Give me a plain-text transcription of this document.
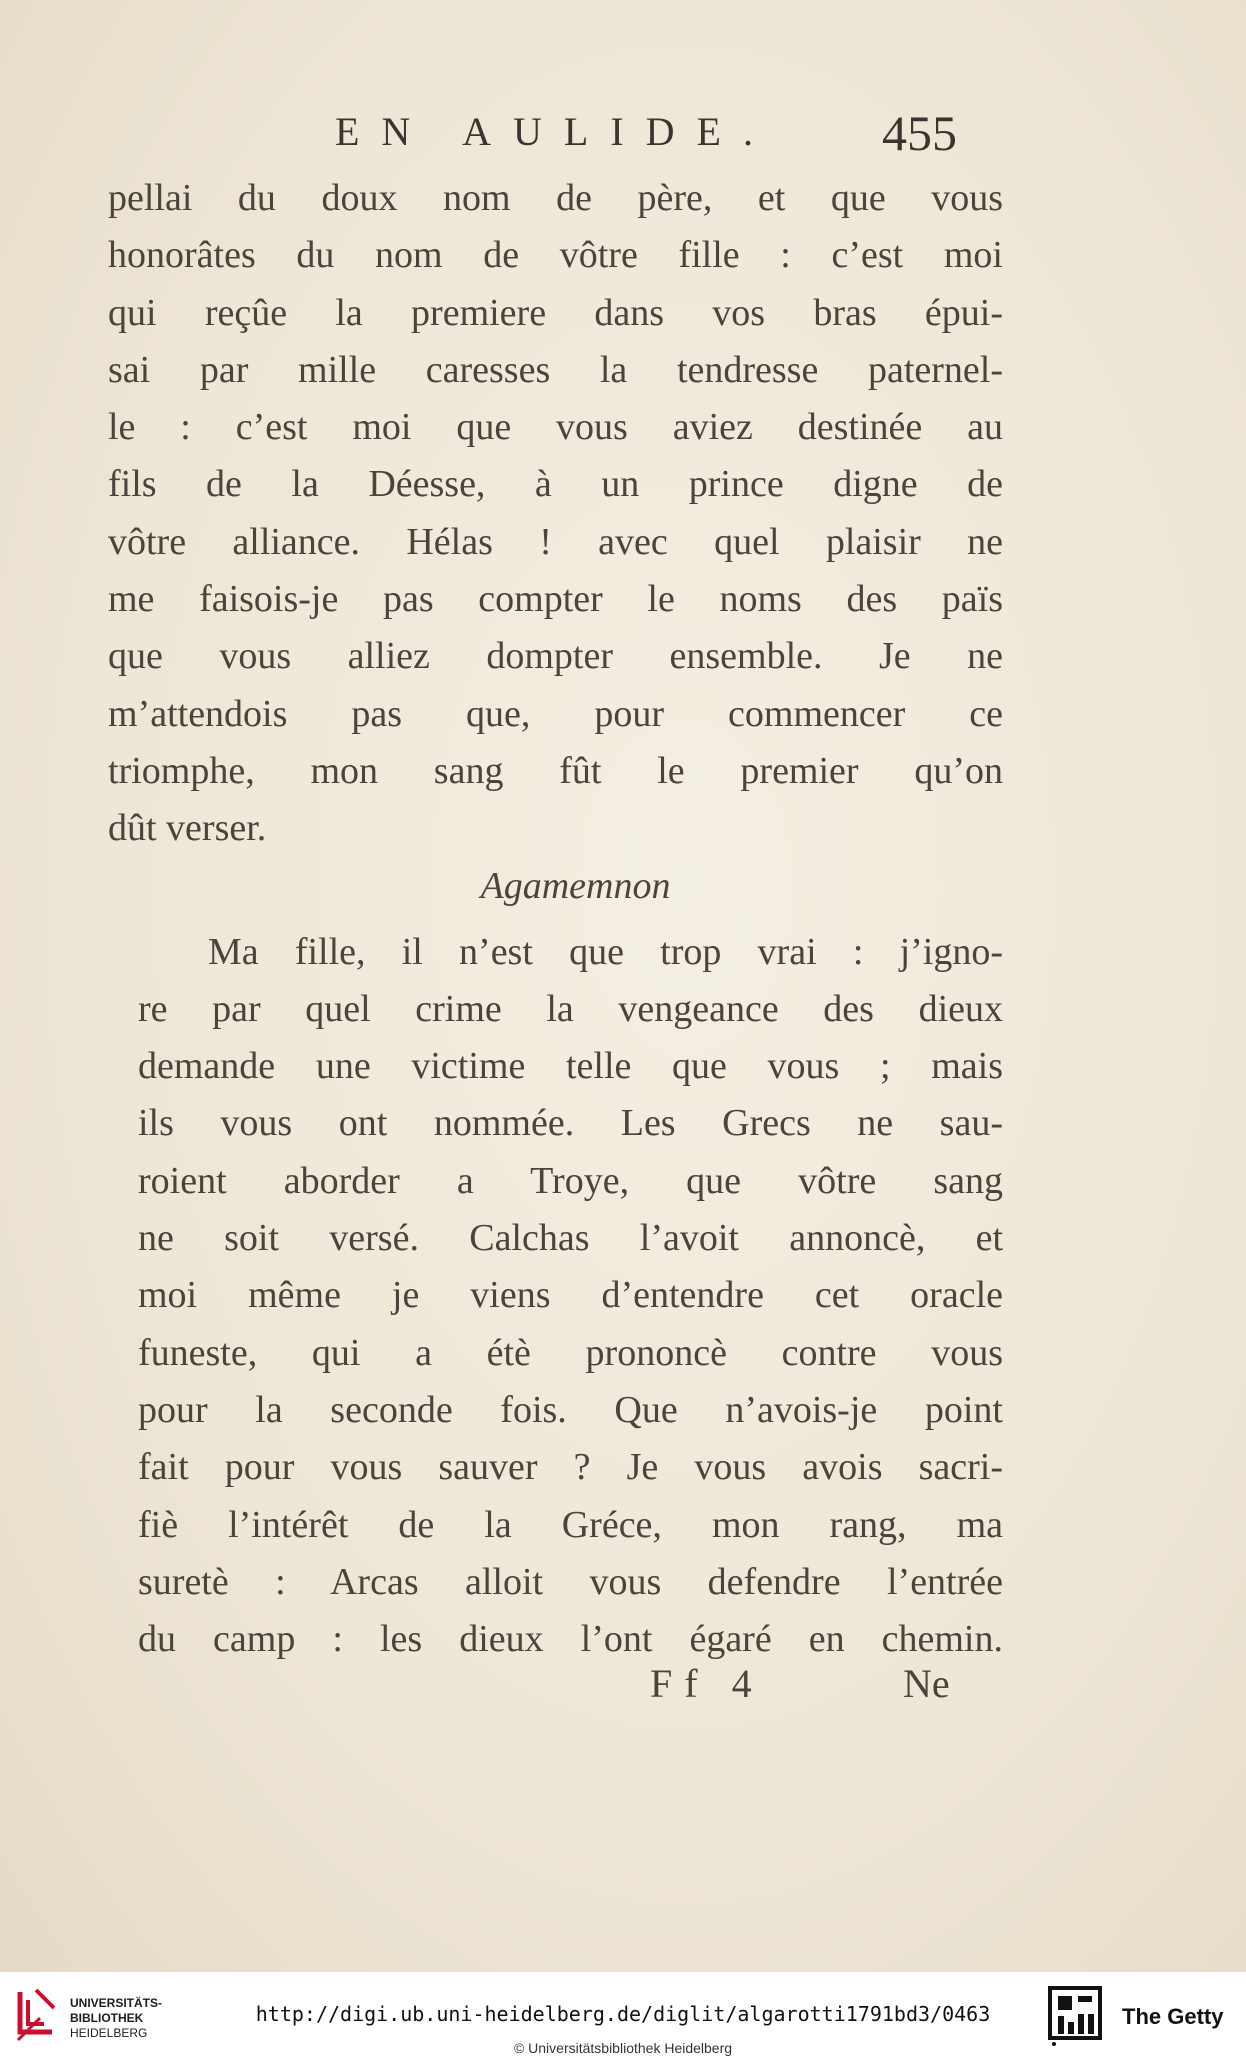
EN AULIDE. 455
pellai du doux nom de père, et que vous
honorâtes du nom de vôtre fille : c’est moi
qui reçûe la premiere dans vos bras épui-
sai par mille caresses la tendresse paternel-
le : c’est moi que vous aviez destinée au
fils de la Déesse, à un prince digne de
vôtre alliance. Hélas ! avec quel plaisir ne
me faisois-je pas compter le noms des païs
que vous alliez dompter ensemble. Je ne
m’attendois pas que, pour commencer ce
triomphe, mon sang fût le premier qu’on
dût verser.
Agamemnon
Ma fille, il n’est que trop vrai : j’igno-
re par quel crime la vengeance des dieux
demande une victime telle que vous ; mais
ils vous ont nommée. Les Grecs ne sau-
roient aborder a Troye, que vôtre sang
ne soit versé. Calchas l’avoit annoncè, et
moi même je viens d’entendre cet oracle
funeste, qui a étè prononcè contre vous
pour la seconde fois. Que n’avois-je point
fait pour vous sauver ? Je vous avois sacri-
fiè l’intérêt de la Gréce, mon rang, ma
suretè : Arcas alloit vous defendre l’entrée
du camp : les dieux l’ont égaré en chemin.
Ff 4	Ne
UNIVERSITÄTS-
BIBLIOTHEK
HEIDELBERG
http://digi.ub.uni-heidelberg.de/diglit/algarotti1791bd3/0463
© Universitätsbibliothek Heidelberg
The Getty
